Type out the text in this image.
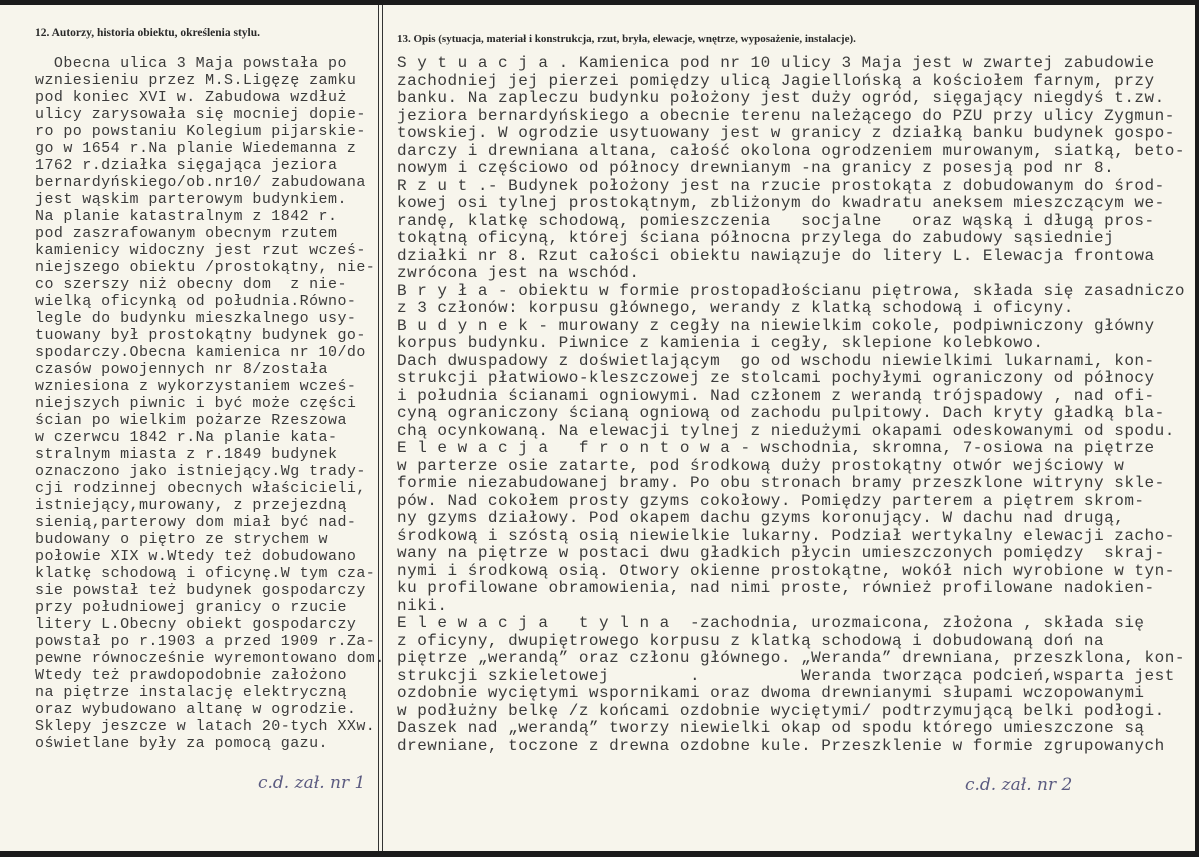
12. Autorzy, historia obiektu, określenia stylu.	13. Opis (sytuacja, materiał i konstrukcja, rzut, bryła, elewacje, wnętrze, wyposażenie, instalacje).
Obecna ulica 3 Maja powstała po
wzniesieniu przez M.S.Ligęzę zamku
pod koniec XVI w. Zabudowa wzdłuż
ulicy zarysowała się mocniej dopie-
ro po powstaniu Kolegium pijarskie-
go w 1654 r.Na planie Wiedemanna z
1762 r.działka sięgająca jeziora
bernardyńskiego/ob.nr10/ zabudowana
jest wąskim parterowym budynkiem.
Na planie katastralnym z 1842 r.
pod zaszrafowanym obecnym rzutem
kamienicy widoczny jest rzut wcześ-
niejszego obiektu /prostokątny, nie-
co szerszy niż obecny dom  z nie-
wielką oficynką od południa.Równo-
legle do budynku mieszkalnego usy-
tuowany był prostokątny budynek go-
spodarczy.Obecna kamienica nr 10/do
czasów powojennych nr 8/została
wzniesiona z wykorzystaniem wcześ-
niejszych piwnic i być może części
ścian po wielkim pożarze Rzeszowa
w czerwcu 1842 r.Na planie kata-
stralnym miasta z r.1849 budynek
oznaczono jako istniejący.Wg trady-
cji rodzinnej obecnych właścicieli,
istniejący,murowany, z przejezdną
sienią,parterowy dom miał być nad-
budowany o piętro ze strychem w
połowie XIX w.Wtedy też dobudowano
klatkę schodową i oficynę.W tym cza-
sie powstał też budynek gospodarczy
przy południowej granicy o rzucie
litery L.Obecny obiekt gospodarczy
powstał po r.1903 a przed 1909 r.Za-
pewne równocześnie wyremontowano dom.
Wtedy też prawdopodobnie założono
na piętrze instalację elektryczną
oraz wybudowano altanę w ogrodzie.
Sklepy jeszcze w latach 20-tych XXw.
oświetlane były za pomocą gazu.
S y t u a c j a . Kamienica pod nr 10 ulicy 3 Maja jest w zwartej zabudowie
zachodniej jej pierzei pomiędzy ulicą Jagiellońską a kościołem farnym, przy
banku. Na zapleczu budynku położony jest duży ogród, sięgający niegdyś t.zw.
jeziora bernardyńskiego a obecnie terenu należącego do PZU przy ulicy Zygmun-
towskiej. W ogrodzie usytuowany jest w granicy z działką banku budynek gospo-
darczy i drewniana altana, całość okolona ogrodzeniem murowanym, siatką, beto-
nowym i częściowo od północy drewnianym -na granicy z posesją pod nr 8.
R z u t .- Budynek położony jest na rzucie prostokąta z dobudowanym do środ-
kowej osi tylnej prostokątnym, zbliżonym do kwadratu aneksem mieszczącym we-
randę, klatkę schodową, pomieszczenia   socjalne   oraz wąską i długą pros-
tokątną oficyną, której ściana północna przylega do zabudowy sąsiedniej
działki nr 8. Rzut całości obiektu nawiązuje do litery L. Elewacja frontowa
zwrócona jest na wschód.
B r y ł a - obiektu w formie prostopadłościanu piętrowa, składa się zasadniczo
z 3 członów: korpusu głównego, werandy z klatką schodową i oficyny.
B u d y n e k - murowany z cegły na niewielkim cokole, podpiwniczony główny
korpus budynku. Piwnice z kamienia i cegły, sklepione kolebkowo.
Dach dwuspadowy z doświetlającym  go od wschodu niewielkimi lukarnami, kon-
strukcji płatwiowo-kleszczowej ze stolcami pochyłymi ograniczony od północy
i południa ścianami ogniowymi. Nad członem z werandą trójspadowy , nad ofi-
cyną ograniczony ścianą ogniową od zachodu pulpitowy. Dach kryty gładką bla-
chą ocynkowaną. Na elewacji tylnej z niedużymi okapami odeskowanymi od spodu.
E l e w a c j a   f r o n t o w a - wschodnia, skromna, 7-osiowa na piętrze
w parterze osie zatarte, pod środkową duży prostokątny otwór wejściowy w
formie niezabudowanej bramy. Po obu stronach bramy przeszklone witryny skle-
pów. Nad cokołem prosty gzyms cokołowy. Pomiędzy parterem a piętrem skrom-
ny gzyms działowy. Pod okapem dachu gzyms koronujący. W dachu nad drugą,
środkową i szóstą osią niewielkie lukarny. Podział wertykalny elewacji zacho-
wany na piętrze w postaci dwu gładkich płycin umieszczonych pomiędzy  skraj-
nymi i środkową osią. Otwory okienne prostokątne, wokół nich wyrobione w tyn-
ku profilowane obramowienia, nad nimi proste, również profilowane nadokien-
niki.
E l e w a c j a   t y l n a  -zachodnia, urozmaicona, złożona , składa się
z oficyny, dwupiętrowego korpusu z klatką schodową i dobudowaną doń na
piętrze „werandą” oraz członu głównego. „Weranda” drewniana, przeszklona, kon-
strukcji szkieletowej        .          Weranda tworząca podcień,wsparta jest
ozdobnie wyciętymi wspornikami oraz dwoma drewnianymi słupami wczopowanymi
w podłużny belkę /z końcami ozdobnie wyciętymi/ podtrzymującą belki podłogi.
Daszek nad „werandą” tworzy niewielki okap od spodu którego umieszczone są
drewniane, toczone z drewna ozdobne kule. Przeszklenie w formie zgrupowanych
c.d. zał. nr 1	c.d. zał. nr 2
